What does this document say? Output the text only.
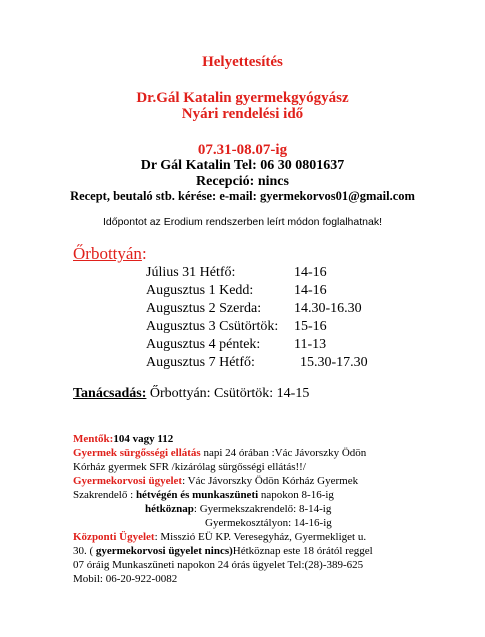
Helyettesítés
Dr.Gál Katalin gyermekgyógyász
Nyári rendelési idő
07.31-08.07-ig
Dr Gál Katalin Tel: 06 30 0801637
Recepció: nincs
Recept, beutaló stb. kérése: e-mail: gyermekorvos01@gmail.com
Időpontot az Erodium rendszerben leírt módon foglalhatnak!
Őrbottyán:
Július 31 Hétfő:	14-16
Augusztus 1 Kedd:	14-16
Augusztus 2 Szerda: 14.30-16.30
Augusztus 3 Csütörtök: 15-16
Augusztus 4 péntek: 11-13
Augusztus 7 Hétfő:	15.30-17.30
Tanácsadás: Őrbottyán: Csütörtök: 14-15
Mentők:104 vagy 112
Gyermek sürgősségi ellátás napi 24 órában :Vác Jávorszky Ödön
Kórház gyermek SFR /kizárólag sürgősségi ellátás!!/
Gyermekorvosi ügyelet: Vác Jávorszky Ödön Kórház Gyermek
Szakrendelő : hétvégén és munkaszüneti napokon 8-16-ig
hétköznap: Gyermekszakrendelő: 8-14-ig
Gyermekosztályon: 14-16-ig
Központi Ügyelet: Misszió EÜ KP. Veresegyház, Gyermekliget u.
30. ( gyermekorvosi ügyelet nincs)Hétköznap este 18 órától reggel
07 óráig Munkaszüneti napokon 24 órás ügyelet Tel:(28)-389-625
Mobil: 06-20-922-0082
